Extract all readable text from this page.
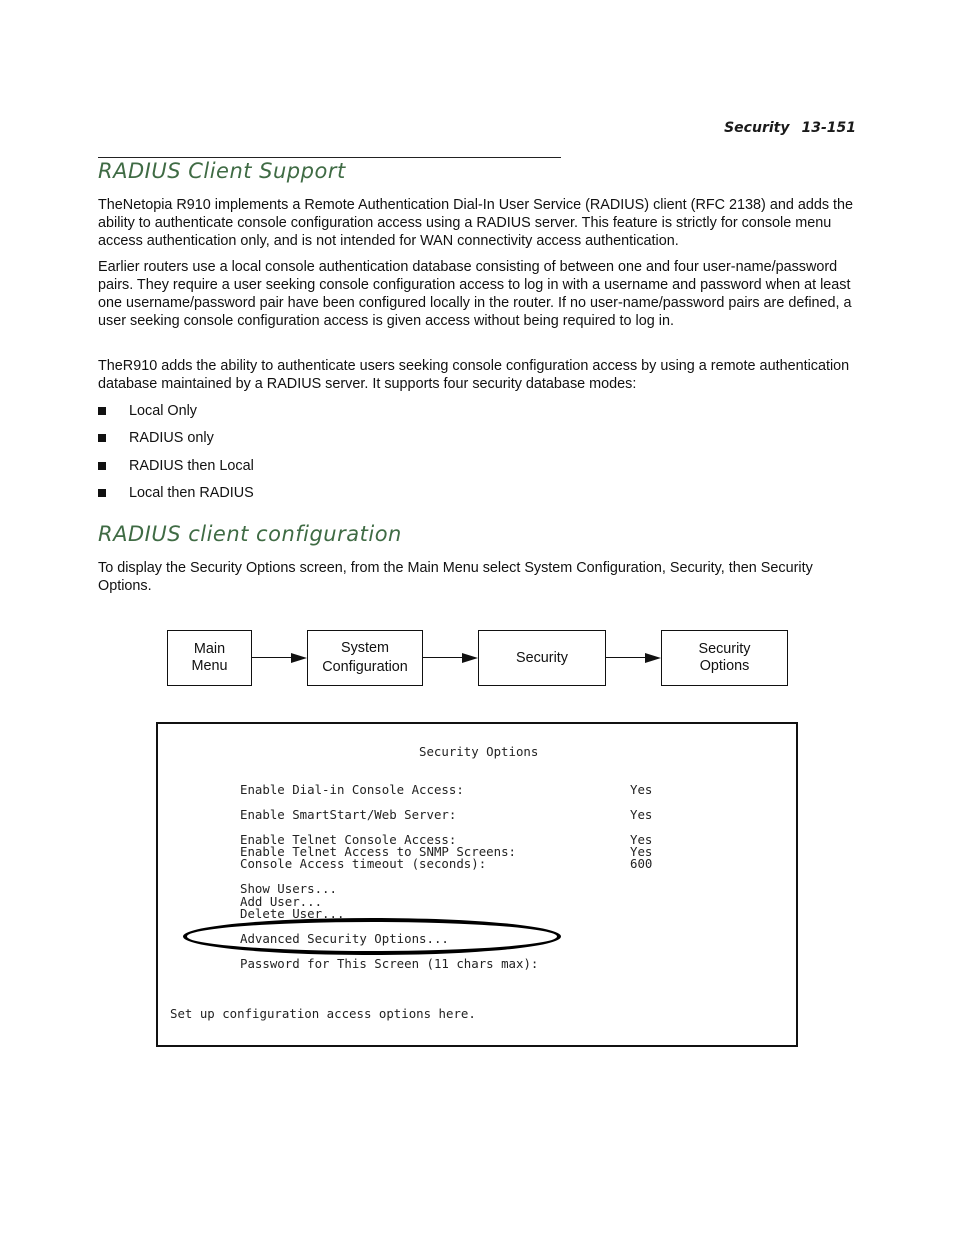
Security 13-151
RADIUS Client Support

TheNetopia R910 implements a Remote Authentication Dial-In User Service (RADIUS) client (RFC 2138) and adds the ability to authenticate console configuration access using a RADIUS server. This feature is strictly for console menu access authentication only, and is not intended for WAN connectivity access authentication.

Earlier routers use a local console authentication database consisting of between one and four user-name/password pairs. They require a user seeking console configuration access to log in with a username and password when at least one username/password pair have been configured locally in the router. If no user-name/password pairs are defined, a user seeking console configuration access is given access without being required to log in.

TheR910 adds the ability to authenticate users seeking console configuration access by using a remote authentication database maintained by a RADIUS server. It supports four security database modes:

Local Only
RADIUS only
RADIUS then Local
Local then RADIUS
RADIUS client configuration

To display the Security Options screen, from the Main Menu select System Configuration, Security, then Security Options.

Main
Menu
System
Configuration
Security
Security
Options
Security Options
Enable Dial-in Console Access:	Yes
Enable SmartStart/Web Server:	Yes
Enable Telnet Console Access:	Yes
Enable Telnet Access to SNMP Screens:	Yes
Console Access timeout (seconds):	600
Show Users...
Add User...
Delete User...
Advanced Security Options...
Password for This Screen (11 chars max):
Set up configuration access options here.
